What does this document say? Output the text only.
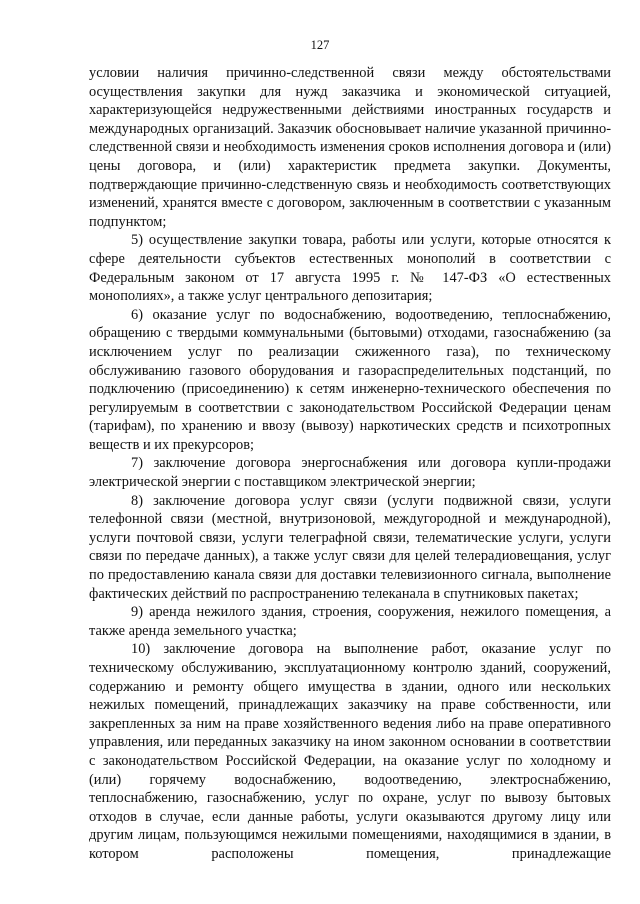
127

условии наличия причинно-следственной связи между обстоятельствами осуществления закупки для нужд заказчика и экономической ситуацией, характеризующейся недружественными действиями иностранных государств и международных организаций. Заказчик обосновывает наличие указанной причинно-следственной связи и необходимость изменения сроков исполнения договора и (или) цены договора, и (или) характеристик предмета закупки. Документы, подтверждающие причинно-следственную связь и необходимость соответствующих изменений, хранятся вместе с договором, заключенным в соответствии с указанным подпунктом;

5) осуществление закупки товара, работы или услуги, которые относятся к сфере деятельности субъектов естественных монополий в соответствии с Федеральным законом от 17 августа 1995 г. № 147-ФЗ «О естественных монополиях», а также услуг центрального депозитария;

6) оказание услуг по водоснабжению, водоотведению, теплоснабжению, обращению с твердыми коммунальными (бытовыми) отходами, газоснабжению (за исключением услуг по реализации сжиженного газа), по техническому обслуживанию газового оборудования и газораспределительных подстанций, по подключению (присоединению) к сетям инженерно-технического обеспечения по регулируемым в соответствии с законодательством Российской Федерации ценам (тарифам), по хранению и ввозу (вывозу) наркотических средств и психотропных веществ и их прекурсоров;

7) заключение договора энергоснабжения или договора купли-продажи электрической энергии с поставщиком электрической энергии;

8) заключение договора услуг связи (услуги подвижной связи, услуги телефонной связи (местной, внутризоновой, междугородной и международной), услуги почтовой связи, услуги телеграфной связи, телематические услуги, услуги связи по передаче данных), а также услуг связи для целей телерадиовещания, услуг по предоставлению канала связи для доставки телевизионного сигнала, выполнение фактических действий по распространению телеканала в спутниковых пакетах;

9) аренда нежилого здания, строения, сооружения, нежилого помещения, а также аренда земельного участка;

10) заключение договора на выполнение работ, оказание услуг по техническому обслуживанию, эксплуатационному контролю зданий, сооружений, содержанию и ремонту общего имущества в здании, одного или нескольких нежилых помещений, принадлежащих заказчику на праве собственности, или закрепленных за ним на праве хозяйственного ведения либо на праве оперативного управления, или переданных заказчику на ином законном основании в соответствии с законодательством Российской Федерации, на оказание услуг по холодному и (или) горячему водоснабжению, водоотведению, электроснабжению, теплоснабжению, газоснабжению, услуг по охране, услуг по вывозу бытовых отходов в случае, если данные работы, услуги оказываются другому лицу или другим лицам, пользующимся нежилыми помещениями, находящимися в здании, в котором расположены помещения, принадлежащие
